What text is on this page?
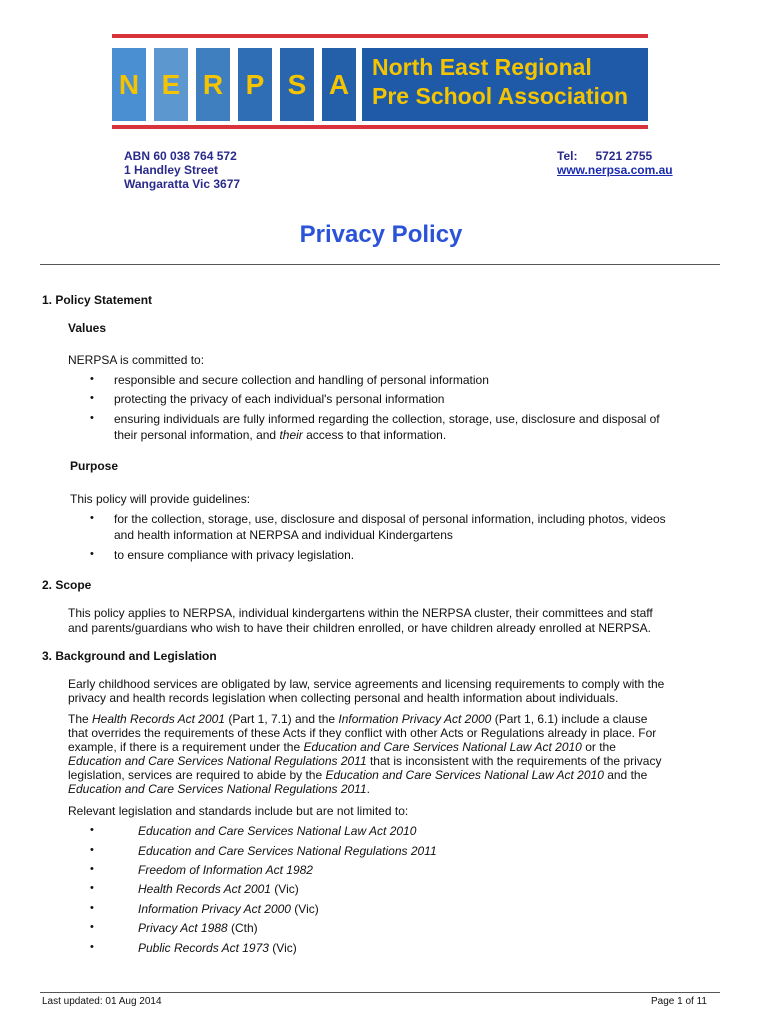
N E R P S A
North East Regional
Pre School Association
ABN 60 038 764 572
1 Handley Street
Wangaratta Vic 3677
Tel: 5721 2755
www.nerpsa.com.au
Privacy Policy
1. Policy Statement
Values
NERPSA is committed to:
• responsible and secure collection and handling of personal information
• protecting the privacy of each individual's personal information
• ensuring individuals are fully informed regarding the collection, storage, use, disclosure and disposal of
their personal information, and their access to that information.
Purpose
This policy will provide guidelines:
• for the collection, storage, use, disclosure and disposal of personal information, including photos, videos
and health information at NERPSA and individual Kindergartens
• to ensure compliance with privacy legislation.
2. Scope
This policy applies to NERPSA, individual kindergartens within the NERPSA cluster, their committees and staff
and parents/guardians who wish to have their children enrolled, or have children already enrolled at NERPSA.
3. Background and Legislation
Early childhood services are obligated by law, service agreements and licensing requirements to comply with the
privacy and health records legislation when collecting personal and health information about individuals.
The Health Records Act 2001 (Part 1, 7.1) and the Information Privacy Act 2000 (Part 1, 6.1) include a clause
that overrides the requirements of these Acts if they conflict with other Acts or Regulations already in place. For
example, if there is a requirement under the Education and Care Services National Law Act 2010 or the
Education and Care Services National Regulations 2011 that is inconsistent with the requirements of the privacy
legislation, services are required to abide by the Education and Care Services National Law Act 2010 and the
Education and Care Services National Regulations 2011.
Relevant legislation and standards include but are not limited to:
•	Education and Care Services National Law Act 2010
•	Education and Care Services National Regulations 2011
•	Freedom of Information Act 1982
•	Health Records Act 2001 (Vic)
•	Information Privacy Act 2000 (Vic)
•	Privacy Act 1988 (Cth)
•	Public Records Act 1973 (Vic)
Last updated: 01 Aug 2014	Page 1 of 11
